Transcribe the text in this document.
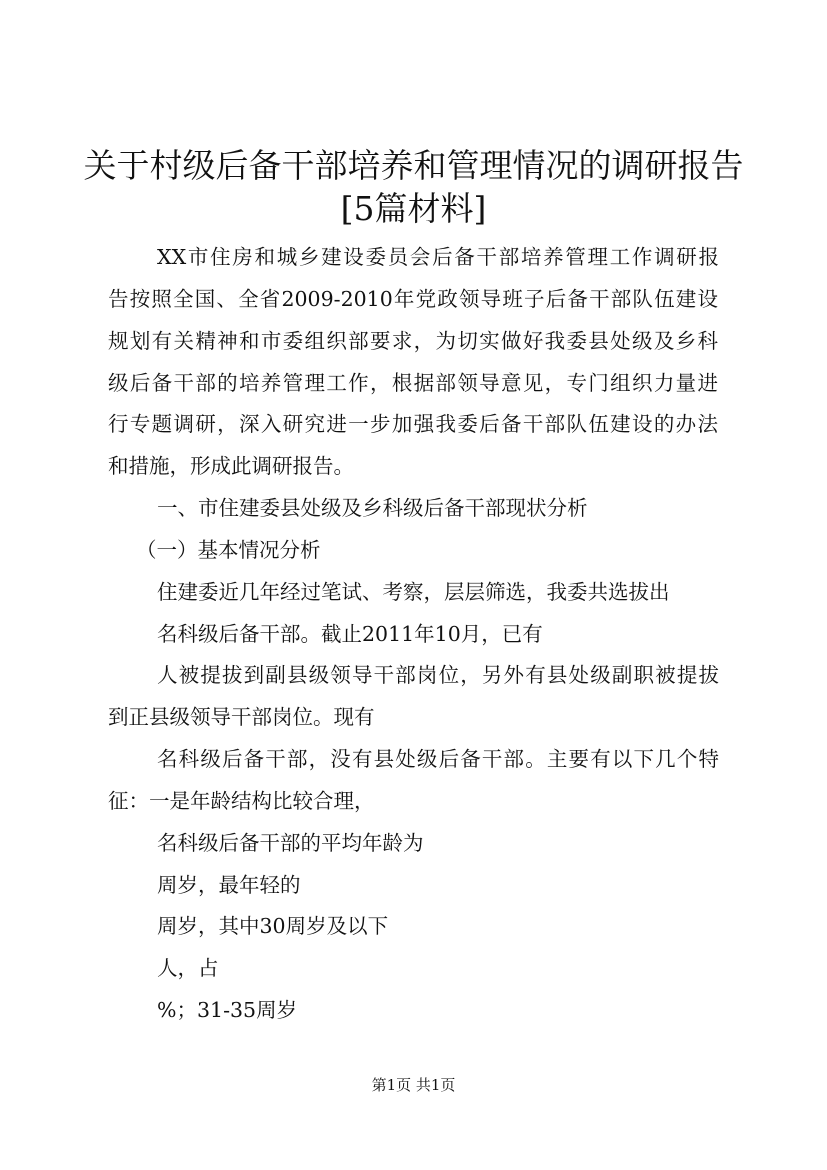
关于村级后备干部培养和管理情况的调研报告
[5篇材料]

XX市住房和城乡建设委员会后备干部培养管理工作调研报

告按照全国、全省2009-2010年党政领导班子后备干部队伍建设

规划有关精神和市委组织部要求，为切实做好我委县处级及乡科

级后备干部的培养管理工作，根据部领导意见，专门组织力量进

行专题调研，深入研究进一步加强我委后备干部队伍建设的办法

和措施，形成此调研报告。

一、市住建委县处级及乡科级后备干部现状分析

（一）基本情况分析

住建委近几年经过笔试、考察，层层筛选，我委共选拔出

名科级后备干部。截止2011年10月，已有

人被提拔到副县级领导干部岗位，另外有县处级副职被提拔

到正县级领导干部岗位。现有

名科级后备干部，没有县处级后备干部。主要有以下几个特

征：一是年龄结构比较合理，

名科级后备干部的平均年龄为

周岁，最年轻的

周岁，其中30周岁及以下

人，占

%；31-35周岁

第1页 共1页
